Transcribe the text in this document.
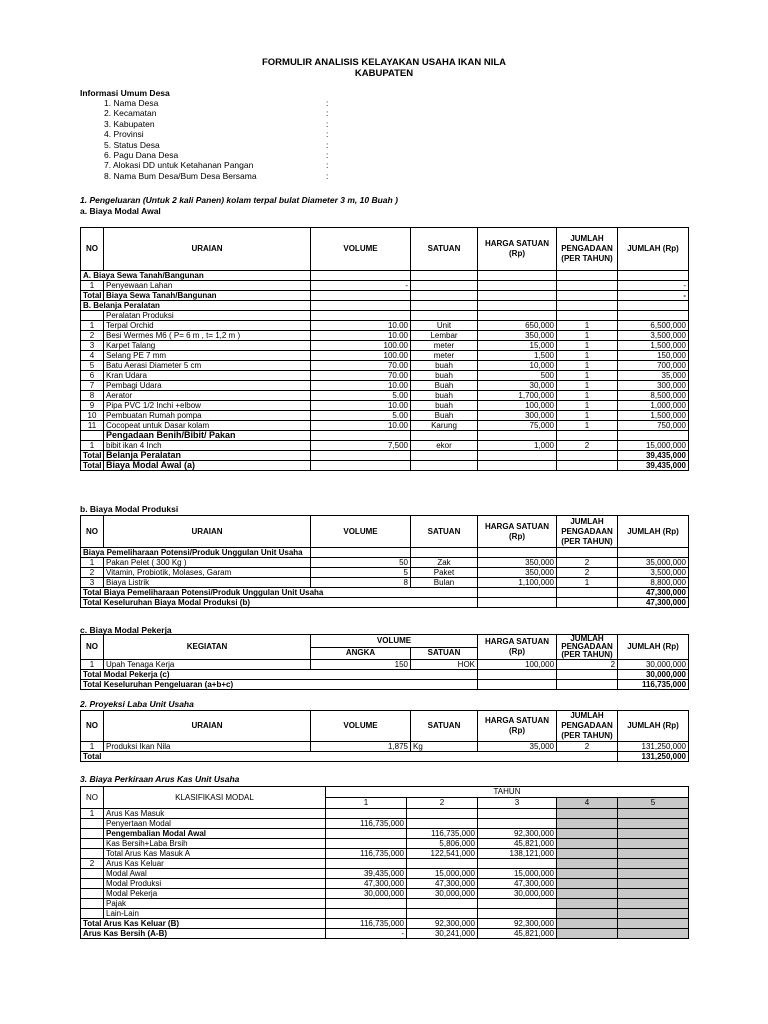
FORMULIR ANALISIS KELAYAKAN USAHA IKAN NILA
KABUPATEN
Informasi Umum Desa
1. Nama Desa	:
2. Kecamatan	:
3. Kabupaten	:
4. Provinsi	:
5. Status Desa	:
6. Pagu Dana Desa	:
7. Alokasi DD untuk Ketahanan Pangan	:
8. Nama Bum Desa/Bum Desa Bersama	:
1. Pengeluaran (Untuk 2 kali Panen) kolam terpal bulat Diameter 3 m, 10 Buah )
a. Biaya Modal Awal
NO	URAIAN	VOLUME	SATUAN	HARGA SATUAN (Rp)	JUMLAH PENGADAAN (PER TAHUN)	JUMLAH (Rp)
A. Biaya Sewa Tanah/Bangunan						
1	Penyewaan Lahan	-				-
Total	Biaya Sewa Tanah/Bangunan					-
B. Belanja Peralatan						
	Peralatan Produksi					
1	Terpal Orchid	10.00	Unit	650,000	1	6,500,000
2	Besi Wermes M6 ( P= 6 m , t= 1,2 m )	10.00	Lembar	350,000	1	3,500,000
3	Karpet Talang	100.00	meter	15,000	1	1,500,000
4	Selang PE 7 mm	100.00	meter	1,500	1	150,000
5	Batu Aerasi Diameter 5 cm	70.00	buah	10,000	1	700,000
6	Kran Udara	70.00	buah	500	1	35,000
7	Pembagi Udara	10.00	Buah	30,000	1	300,000
8	Aerator	5.00	buah	1,700,000	1	8,500,000
9	Pipa PVC 1/2 Inchi +elbow	10.00	buah	100,000	1	1,000,000
10	Pembuatan Rumah pompa	5.00	Buah	300,000	1	1,500,000
11	Cocopeat untuk Dasar kolam	10.00	Karung	75,000	1	750,000
	Pengadaan Benih/Bibit/ Pakan					
1	bibit ikan 4 Inch	7,500	ekor	1,000	2	15,000,000
Total	Belanja Peralatan					39,435,000
Total	Biaya Modal Awal (a)					39,435,000
b. Biaya Modal Produksi
NO	URAIAN	VOLUME	SATUAN	HARGA SATUAN (Rp)	JUMLAH PENGADAAN (PER TAHUN)	JUMLAH (Rp)
Biaya Pemeliharaan Potensi/Produk Unggulan Unit Usaha						
1	Pakan Pelet ( 300 Kg )	50	Zak	350,000	2	35,000,000
2	Vitamin, Probiotik, Molases, Garam	5	Paket	350,000	2	3,500,000
3	Biaya Listrik	8	Bulan	1,100,000	1	8,800,000
Total Biaya Pemeliharaan Potensi/Produk Unggulan Unit Usaha						47,300,000
Total Keseluruhan Biaya Modal Produksi (b)						47,300,000
c. Biaya Modal Pekerja
NO	KEGIATAN	VOLUME		HARGA SATUAN (Rp)	JUMLAH PENGADAAN (PER TAHUN)	JUMLAH (Rp)
		ANGKA	SATUAN			
1	Upah Tenaga Kerja	150	HOK	100,000	2	30,000,000
Total Modal Pekerja (c)						30,000,000
Total Keseluruhan Pengeluaran (a+b+c)						116,735,000
2. Proyeksi Laba Unit Usaha
NO	URAIAN	VOLUME	SATUAN	HARGA SATUAN (Rp)	JUMLAH PENGADAAN (PER TAHUN)	JUMLAH (Rp)
1	Produksi Ikan Nila	1,875	Kg	35,000	2	131,250,000
Total						131,250,000
3. Biaya Perkiraan Arus Kas Unit Usaha
NO	KLASIFIKASI MODAL	TAHUN				
		1	2	3	4	5
1	Arus Kas Masuk					
	Penyertaan Modal	116,735,000				
	Pengembalian Modal Awal		116,735,000	92,300,000		
	Kas Bersih+Laba Brsih		5,806,000	45,821,000		
	Total Arus Kas Masuk A	116,735,000	122,541,000	138,121,000		
2	Arus Kas Keluar					
	Modal Awal	39,435,000	15,000,000	15,000,000		
	Modal Produksi	47,300,000	47,300,000	47,300,000		
	Modal Pekerja	30,000,000	30,000,000	30,000,000		
	Pajak					
	Lain-Lain					
Total Arus Kas Keluar (B)		116,735,000	92,300,000	92,300,000		
Arus Kas Bersih (A-B)		-	30,241,000	45,821,000		
